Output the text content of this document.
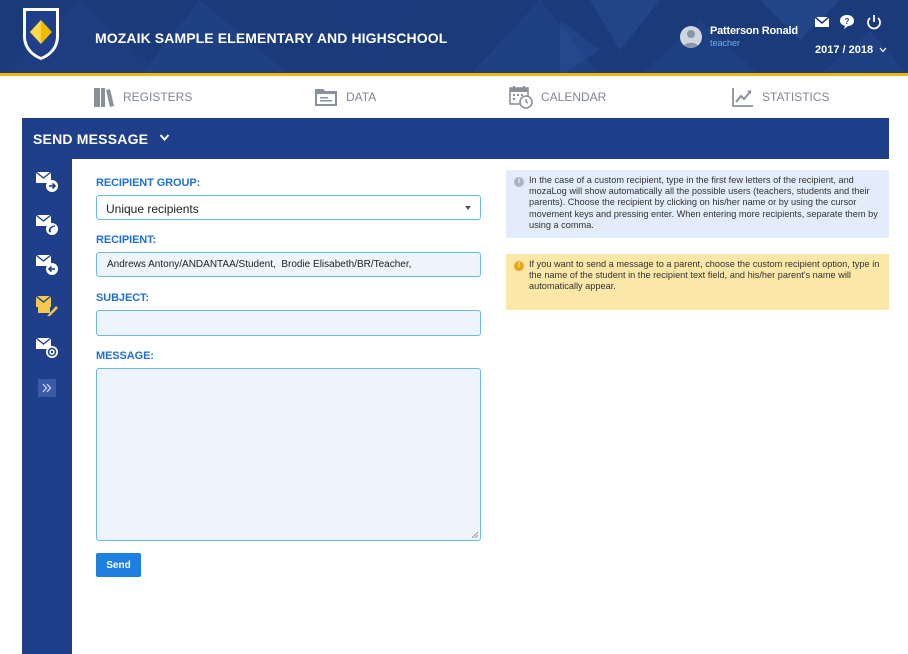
MOZAIK SAMPLE ELEMENTARY AND HIGHSCHOOL	Patterson Ronald
teacher
?
2017 / 2018
REGISTERS	DATA	CALENDAR	STATISTICS
SEND MESSAGE
RECIPIENT GROUP:
Unique recipients
RECIPIENT:
Andrews Antony/ANDANTAA/Student, Brodie Elisabeth/BR/Teacher,
SUBJECT:
MESSAGE:
Send
i In the case of a custom recipient, type in the first few letters of the recipient, and mozaLog will show automatically all the possible users (teachers, students and their parents). Choose the recipient by clicking on his/her name or by using the cursor movement keys and pressing enter. When entering more recipients, separate them by using a comma.
! If you want to send a message to a parent, choose the custom recipient option, type in the name of the student in the recipient text field, and his/her parent's name will automatically appear.
